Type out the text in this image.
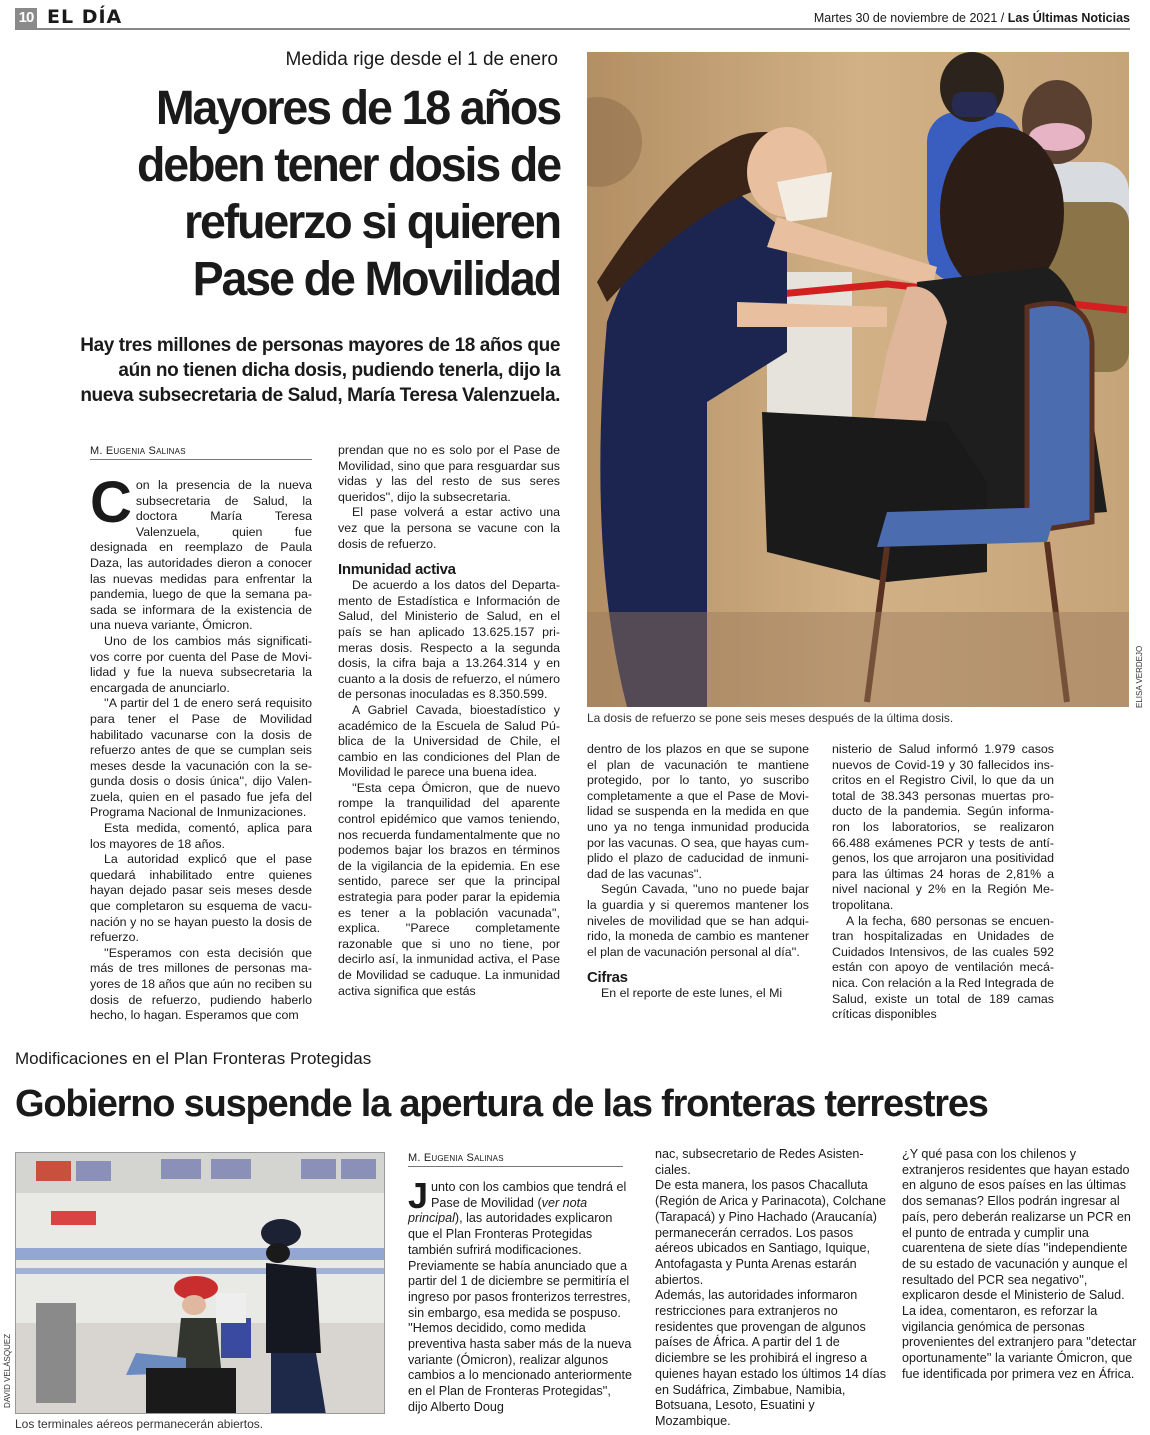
10 EL DÍA	Martes 30 de noviembre de 2021 / Las Últimas Noticias
Medida rige desde el 1 de enero
Mayores de 18 años
deben tener dosis de
refuerzo si quieren
Pase de Movilidad
Hay tres millones de personas mayores de 18 años que
aún no tienen dicha dosis, pudiendo tenerla, dijo la
nueva subsecretaria de Salud, María Teresa Valenzuela.
ELISA VERDEJO
La dosis de refuerzo se pone seis meses después de la última dosis.
M. Eugenia Salinas

Con la presencia de la nueva subsecretaria de Salud, la doctora María Teresa Valenzuela, quien fue designada en reemplazo de Paula Daza, las autoridades dieron a conocer las nuevas medidas para enfrentar la pandemia, luego de que la semana pasada se informara de la existencia de una nueva variante, Ómicron.

Uno de los cambios más significativos corre por cuenta del Pase de Movilidad y fue la nueva subsecretaria la encargada de anunciarlo.

''A partir del 1 de enero será requisito para tener el Pase de Movilidad habilitado vacunarse con la dosis de refuerzo antes de que se cumplan seis meses desde la vacunación con la segunda dosis o dosis única'', dijo Valenzuela, quien en el pasado fue jefa del Programa Nacional de Inmunizaciones.

Esta medida, comentó, aplica para los mayores de 18 años.

La autoridad explicó que el pase quedará inhabilitado entre quienes hayan dejado pasar seis meses desde que completaron su esquema de vacunación y no se hayan puesto la dosis de refuerzo.

''Esperamos con esta decisión que más de tres millones de personas mayores de 18 años que aún no reciben su dosis de refuerzo, pudiendo haberlo hecho, lo hagan. Esperamos que com

prendan que no es solo por el Pase de Movilidad, sino que para resguardar sus vidas y las del resto de sus seres queridos'', dijo la subsecretaria.

El pase volverá a estar activo una vez que la persona se vacune con la dosis de refuerzo.

Inmunidad activa

De acuerdo a los datos del Departamento de Estadística e Información de Salud, del Ministerio de Salud, en el país se han aplicado 13.625.157 primeras dosis. Respecto a la segunda dosis, la cifra baja a 13.264.314 y en cuanto a la dosis de refuerzo, el número de personas inoculadas es 8.350.599.

A Gabriel Cavada, bioestadístico y académico de la Escuela de Salud Pública de la Universidad de Chile, el cambio en las condiciones del Plan de Movilidad le parece una buena idea.

''Esta cepa Ómicron, que de nuevo rompe la tranquilidad del aparente control epidémico que vamos teniendo, nos recuerda fundamentalmente que no podemos bajar los brazos en términos de la vigilancia de la epidemia. En ese sentido, parece ser que la principal estrategia para poder parar la epidemia es tener a la población vacunada'', explica. ''Parece completamente razonable que si uno no tiene, por decirlo así, la inmunidad activa, el Pase de Movilidad se caduque. La inmunidad activa significa que estás

dentro de los plazos en que se supone el plan de vacunación te mantiene protegido, por lo tanto, yo suscribo completamente a que el Pase de Movilidad se suspenda en la medida en que uno ya no tenga inmunidad producida por las vacunas. O sea, que hayas cumplido el plazo de caducidad de inmunidad de las vacunas''.

Según Cavada, ''uno no puede bajar la guardia y si queremos mantener los niveles de movilidad que se han adquirido, la moneda de cambio es mantener el plan de vacunación personal al día''.

Cifras

En el reporte de este lunes, el Mi

nisterio de Salud informó 1.979 casos nuevos de Covid-19 y 30 fallecidos inscritos en el Registro Civil, lo que da un total de 38.343 personas muertas producto de la pandemia. Según informaron los laboratorios, se realizaron 66.488 exámenes PCR y tests de antígenos, los que arrojaron una positividad para las últimas 24 horas de 2,81% a nivel nacional y 2% en la Región Metropolitana.

A la fecha, 680 personas se encuentran hospitalizadas en Unidades de Cuidados Intensivos, de las cuales 592 están con apoyo de ventilación mecánica. Con relación a la Red Integrada de Salud, existe un total de 189 camas críticas disponibles

Modificaciones en el Plan Fronteras Protegidas
Gobierno suspende la apertura de las fronteras terrestres
DAVID VELÁSQUEZ
Los terminales aéreos permanecerán abiertos.
M. Eugenia Salinas

Junto con los cambios que tendrá el Pase de Movilidad (ver nota principal), las autoridades explicaron que el Plan Fronteras Protegidas también sufrirá modificaciones.

Previamente se había anunciado que a partir del 1 de diciembre se permitiría el ingreso por pasos fronterizos terrestres, sin embargo, esa medida se pospuso.

''Hemos decidido, como medida preventiva hasta saber más de la nueva variante (Ómicron), realizar algunos cambios a lo mencionado anteriormente en el Plan de Fronteras Protegidas'', dijo Alberto Doug

nac, subsecretario de Redes Asistenciales.

De esta manera, los pasos Chacalluta (Región de Arica y Parinacota), Colchane (Tarapacá) y Pino Hachado (Araucanía) permanecerán cerrados. Los pasos aéreos ubicados en Santiago, Iquique, Antofagasta y Punta Arenas estarán abiertos.

Además, las autoridades informaron restricciones para extranjeros no residentes que provengan de algunos países de África. A partir del 1 de diciembre se les prohibirá el ingreso a quienes hayan estado los últimos 14 días en Sudáfrica, Zimbabue, Namibia, Botsuana, Lesoto, Esuatini y Mozambique.

¿Y qué pasa con los chilenos y extranjeros residentes que hayan estado en alguno de esos países en las últimas dos semanas? Ellos podrán ingresar al país, pero deberán realizarse un PCR en el punto de entrada y cumplir una cuarentena de siete días ''independiente de su estado de vacunación y aunque el resultado del PCR sea negativo'', explicaron desde el Ministerio de Salud.

La idea, comentaron, es reforzar la vigilancia genómica de personas provenientes del extranjero para ''detectar oportunamente'' la variante Ómicron, que fue identificada por primera vez en África.
